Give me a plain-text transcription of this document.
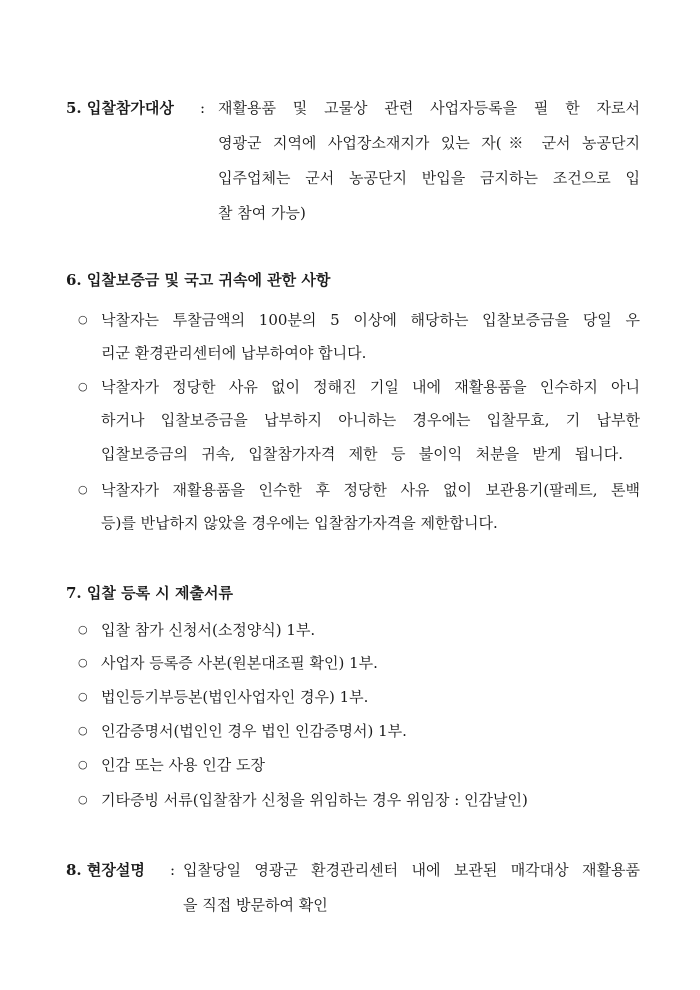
5. 입찰참가대상 : 재활용품 및 고물상 관련 사업자등록을 필 한 자로서
영광군 지역에 사업장소재지가 있는 자(※ 군서 농공단지
입주업체는 군서 농공단지 반입을 금지하는 조건으로 입
찰 참여 가능)
6. 입찰보증금 및 국고 귀속에 관한 사항
○ 낙찰자는 투찰금액의 100분의 5 이상에 해당하는 입찰보증금을 당일 우
리군 환경관리센터에 납부하여야 합니다.
○ 낙찰자가 정당한 사유 없이 정해진 기일 내에 재활용품을 인수하지 아니
하거나 입찰보증금을 납부하지 아니하는 경우에는 입찰무효, 기 납부한
입찰보증금의 귀속, 입찰참가자격 제한 등 불이익 처분을 받게 됩니다.
○ 낙찰자가 재활용품을 인수한 후 정당한 사유 없이 보관용기(팔레트, 톤백
등)를 반납하지 않았을 경우에는 입찰참가자격을 제한합니다.
7. 입찰 등록 시 제출서류
○ 입찰 참가 신청서(소정양식) 1부.
○ 사업자 등록증 사본(원본대조필 확인) 1부.
○ 법인등기부등본(법인사업자인 경우) 1부.
○ 인감증명서(법인인 경우 법인 인감증명서) 1부.
○ 인감 또는 사용 인감 도장
○ 기타증빙 서류(입찰참가 신청을 위임하는 경우 위임장 : 인감날인)
8. 현장설명 : 입찰당일 영광군 환경관리센터 내에 보관된 매각대상 재활용품
을 직접 방문하여 확인
